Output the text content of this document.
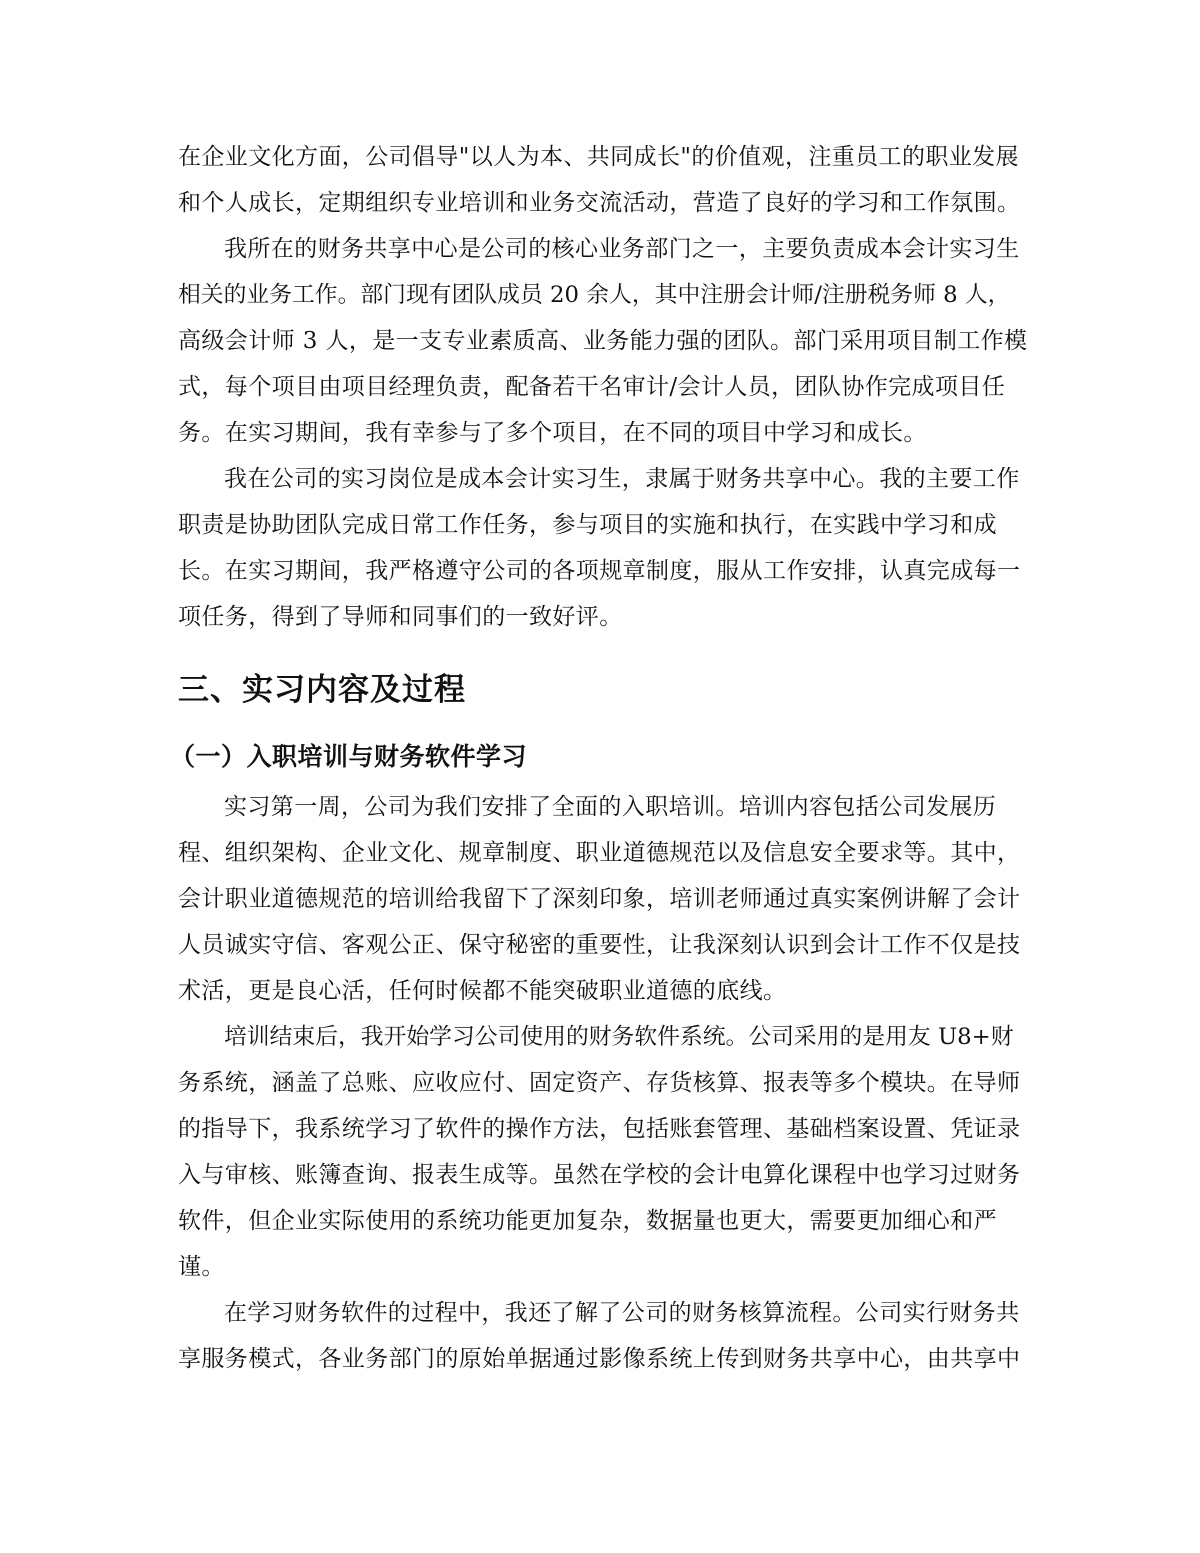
在企业文化方面，公司倡导"以人为本、共同成长"的价值观，注重员工的职业发展
和个人成长，定期组织专业培训和业务交流活动，营造了良好的学习和工作氛围。
我所在的财务共享中心是公司的核心业务部门之一，主要负责成本会计实习生
相关的业务工作。部门现有团队成员 20 余人，其中注册会计师/注册税务师 8 人，
高级会计师 3 人，是一支专业素质高、业务能力强的团队。部门采用项目制工作模
式，每个项目由项目经理负责，配备若干名审计/会计人员，团队协作完成项目任
务。在实习期间，我有幸参与了多个项目，在不同的项目中学习和成长。
我在公司的实习岗位是成本会计实习生，隶属于财务共享中心。我的主要工作
职责是协助团队完成日常工作任务，参与项目的实施和执行，在实践中学习和成
长。在实习期间，我严格遵守公司的各项规章制度，服从工作安排，认真完成每一
项任务，得到了导师和同事们的一致好评。
三、实习内容及过程
（一）入职培训与财务软件学习
实习第一周，公司为我们安排了全面的入职培训。培训内容包括公司发展历
程、组织架构、企业文化、规章制度、职业道德规范以及信息安全要求等。其中，
会计职业道德规范的培训给我留下了深刻印象，培训老师通过真实案例讲解了会计
人员诚实守信、客观公正、保守秘密的重要性，让我深刻认识到会计工作不仅是技
术活，更是良心活，任何时候都不能突破职业道德的底线。
培训结束后，我开始学习公司使用的财务软件系统。公司采用的是用友 U8+财
务系统，涵盖了总账、应收应付、固定资产、存货核算、报表等多个模块。在导师
的指导下，我系统学习了软件的操作方法，包括账套管理、基础档案设置、凭证录
入与审核、账簿查询、报表生成等。虽然在学校的会计电算化课程中也学习过财务
软件，但企业实际使用的系统功能更加复杂，数据量也更大，需要更加细心和严
谨。
在学习财务软件的过程中，我还了解了公司的财务核算流程。公司实行财务共
享服务模式，各业务部门的原始单据通过影像系统上传到财务共享中心，由共享中
